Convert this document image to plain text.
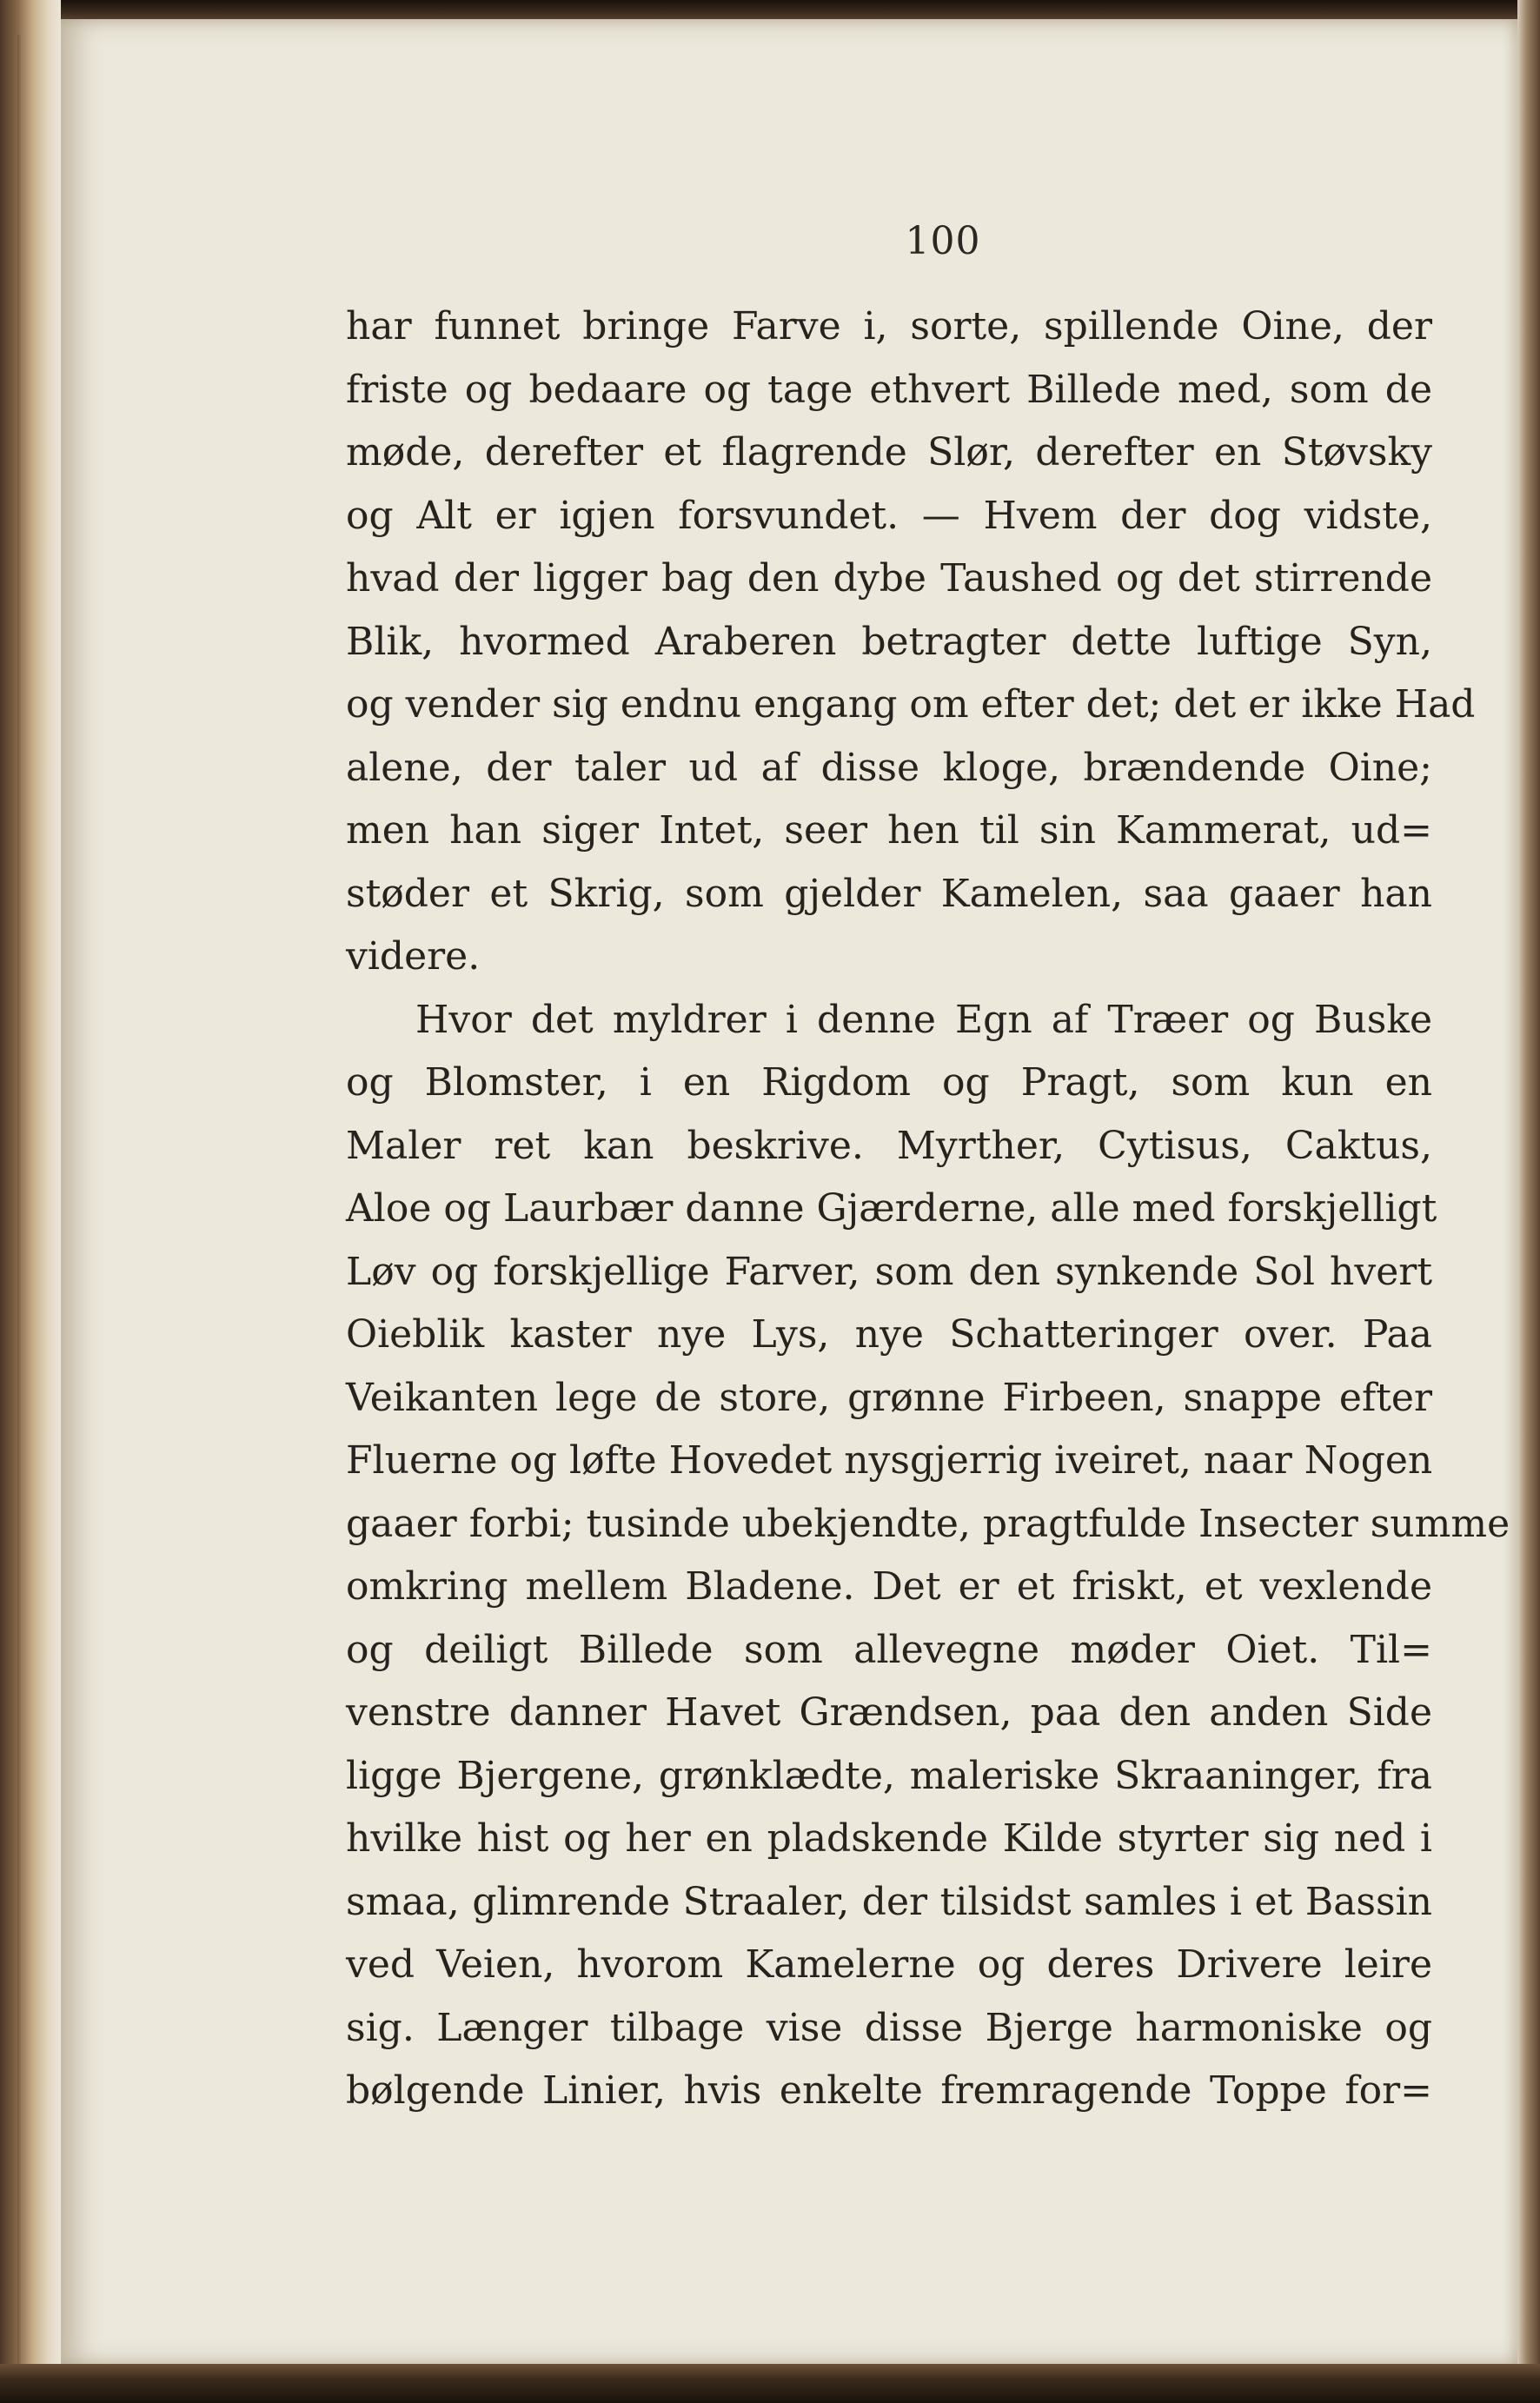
100
har funnet bringe Farve i, sorte, spillende Oine, der
friste og bedaare og tage ethvert Billede med, som de
møde, derefter et flagrende Slør, derefter en Støvsky
og Alt er igjen forsvundet. — Hvem der dog vidste,
hvad der ligger bag den dybe Taushed og det stirrende
Blik, hvormed Araberen betragter dette luftige Syn,
og vender sig endnu engang om efter det; det er ikke Had
alene, der taler ud af disse kloge, brændende Oine;
men han siger Intet, seer hen til sin Kammerat, ud=
støder et Skrig, som gjelder Kamelen, saa gaaer han
videre.
Hvor det myldrer i denne Egn af Træer og Buske
og Blomster, i en Rigdom og Pragt, som kun en
Maler ret kan beskrive. Myrther, Cytisus, Caktus,
Aloe og Laurbær danne Gjærderne, alle med forskjelligt
Løv og forskjellige Farver, som den synkende Sol hvert
Oieblik kaster nye Lys, nye Schatteringer over. Paa
Veikanten lege de store, grønne Firbeen, snappe efter
Fluerne og løfte Hovedet nysgjerrig iveiret, naar Nogen
gaaer forbi; tusinde ubekjendte, pragtfulde Insecter summe
omkring mellem Bladene. Det er et friskt, et vexlende
og deiligt Billede som allevegne møder Oiet. Til=
venstre danner Havet Grændsen, paa den anden Side
ligge Bjergene, grønklædte, maleriske Skraaninger, fra
hvilke hist og her en pladskende Kilde styrter sig ned i
smaa, glimrende Straaler, der tilsidst samles i et Bassin
ved Veien, hvorom Kamelerne og deres Drivere leire
sig. Længer tilbage vise disse Bjerge harmoniske og
bølgende Linier, hvis enkelte fremragende Toppe for=
